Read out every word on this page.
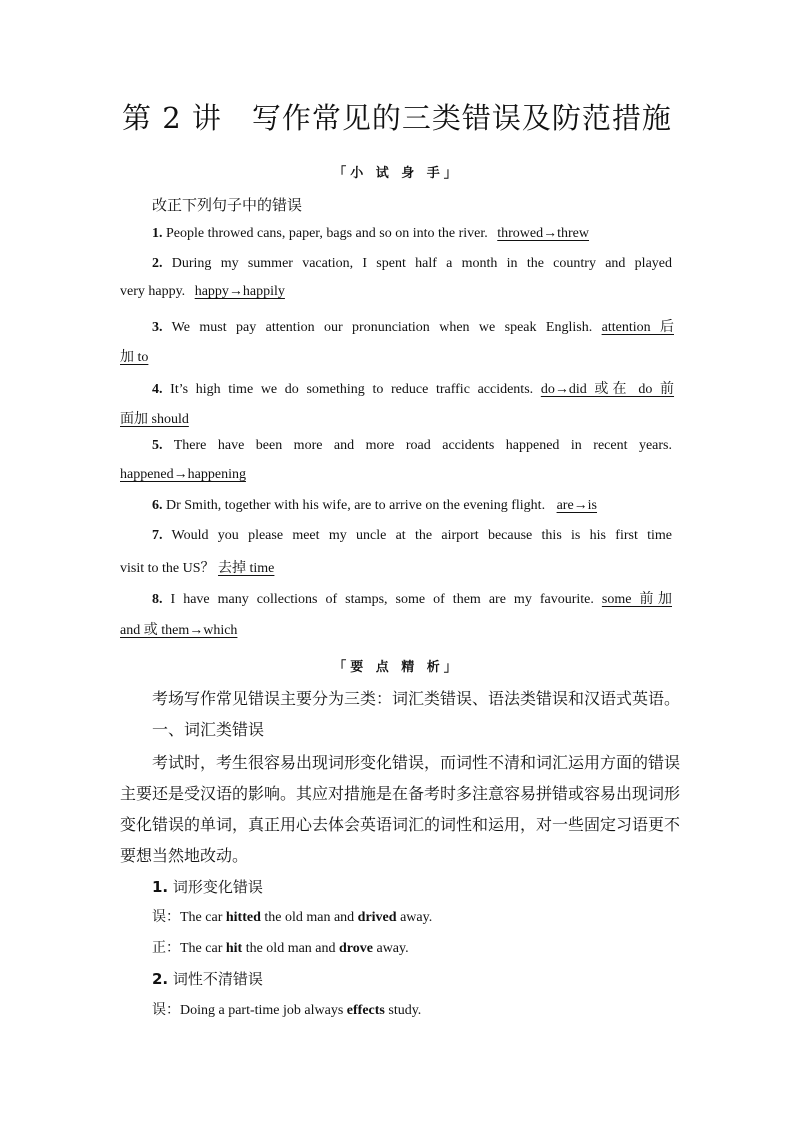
第 2 讲　写作常见的三类错误及防范措施
「小 试 身 手」
改正下列句子中的错误
1. People throwed cans, paper, bags and so on into the river. throwed→threw
2. During my summer vacation, I spent half a month in the country and played
very happy. happy→happily
3. We must pay attention our pronunciation when we speak English. attention 后
加 to
4. It’s high time we do something to reduce traffic accidents. do→did 或在 do 前
面加 should
5. There have been more and more road accidents happened in recent years.
happened→happening
6. Dr Smith, together with his wife, are to arrive on the evening flight. are→is
7. Would you please meet my uncle at the airport because this is his first time
visit to the US？ 去掉 time
8. I have many collections of stamps, some of them are my favourite. some 前加
and 或 them→which
「要 点 精 析」
考场写作常见错误主要分为三类：词汇类错误、语法类错误和汉语式英语。
一、词汇类错误
考试时，考生很容易出现词形变化错误，而词性不清和词汇运用方面的错误
主要还是受汉语的影响。其应对措施是在备考时多注意容易拼错或容易出现词形
变化错误的单词，真正用心去体会英语词汇的词性和运用，对一些固定习语更不
要想当然地改动。
1. 词形变化错误
误：The car hitted the old man and drived away.
正：The car hit the old man and drove away.
2. 词性不清错误
误：Doing a part-time job always effects study.
